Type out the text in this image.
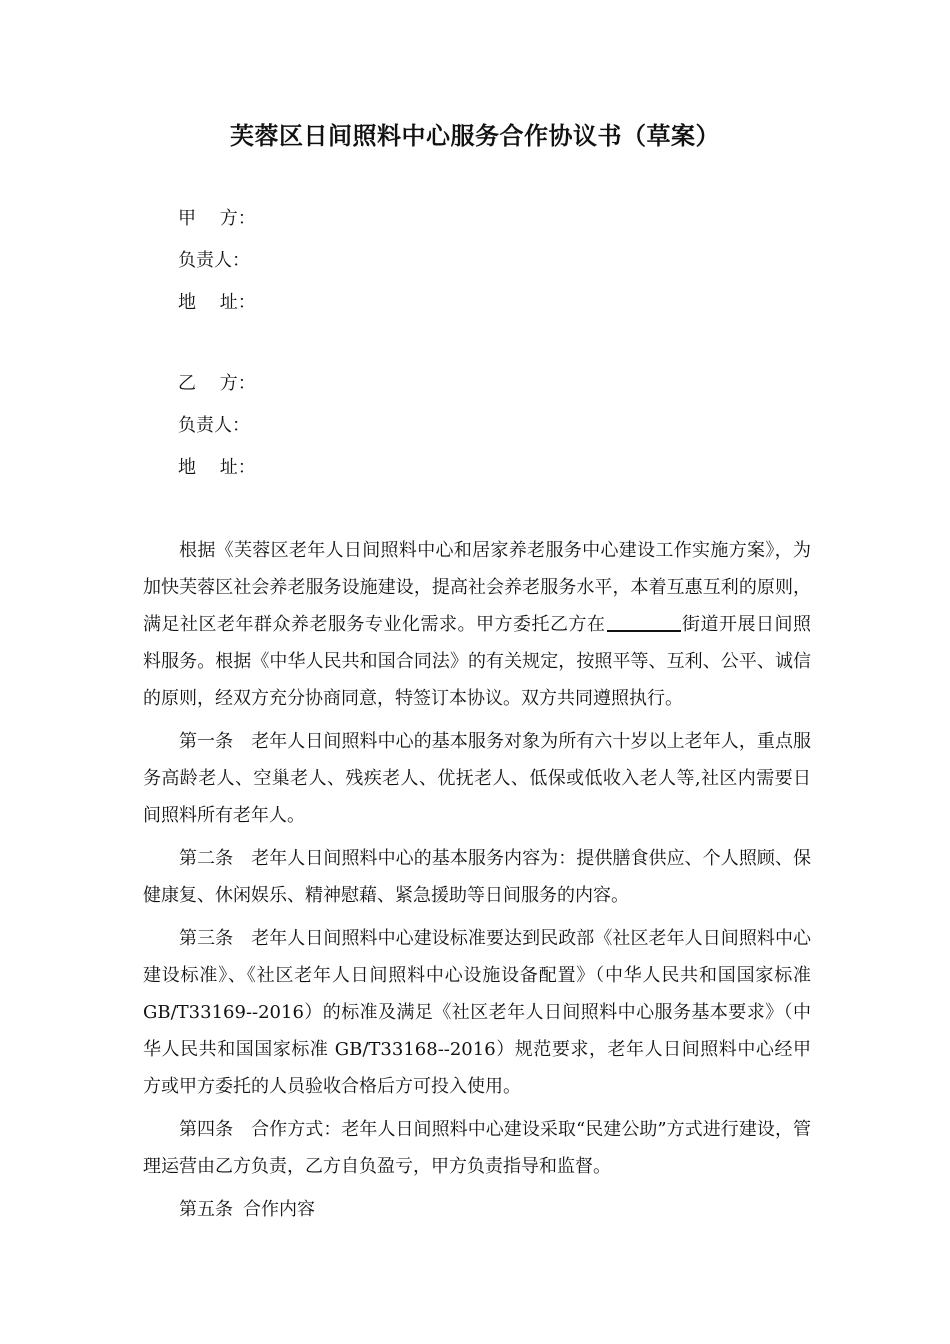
芙蓉区日间照料中心服务合作协议书（草案）
甲　 方：
负责人：
地　 址：
乙　 方：
负责人：
地　 址：

根据《芙蓉区老年人日间照料中心和居家养老服务中心建设工作实施方案》，为加快芙蓉区社会养老服务设施建设，提高社会养老服务水平，本着互惠互利的原则，满足社区老年群众养老服务专业化需求。甲方委托乙方在	街道开展日间照料服务。根据《中华人民共和国合同法》的有关规定，按照平等、互利、公平、诚信的原则，经双方充分协商同意，特签订本协议。双方共同遵照执行。

第一条 老年人日间照料中心的基本服务对象为所有六十岁以上老年人，重点服务高龄老人、空巢老人、残疾老人、优抚老人、低保或低收入老人等,社区内需要日间照料所有老年人。

第二条 老年人日间照料中心的基本服务内容为：提供膳食供应、个人照顾、保健康复、休闲娱乐、精神慰藉、紧急援助等日间服务的内容。

第三条 老年人日间照料中心建设标准要达到民政部《社区老年人日间照料中心建设标准》、《社区老年人日间照料中心设施设备配置》（中华人民共和国国家标准 GB/T33169--2016）的标准及满足《社区老年人日间照料中心服务基本要求》（中华人民共和国国家标准 GB/T33168--2016）规范要求，老年人日间照料中心经甲方或甲方委托的人员验收合格后方可投入使用。

第四条 合作方式：老年人日间照料中心建设采取“民建公助”方式进行建设，管理运营由乙方负责，乙方自负盈亏，甲方负责指导和监督。

第五条 合作内容
